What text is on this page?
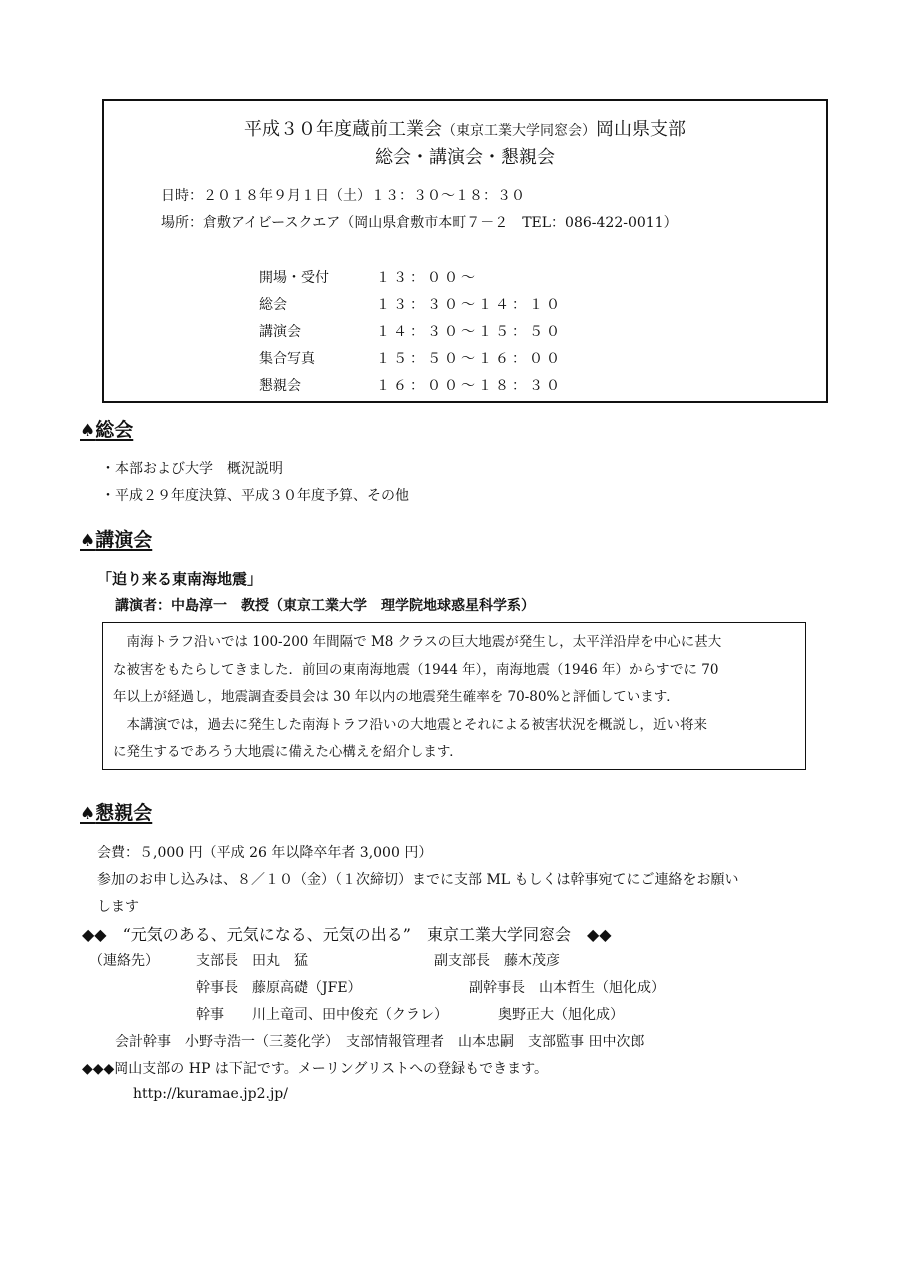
平成３０年度蔵前工業会（東京工業大学同窓会）岡山県支部
総会・講演会・懇親会
日時：２０１８年９月１日（土）１３：３０～１８：３０
場所：倉敷アイビースクエア（岡山県倉敷市本町７－２　TEL：086-422-0011）
開場・受付	１３：００～
総会	１３：３０～１４：１０
講演会	１４：３０～１５：５０
集合写真	１５：５０～１６：００
懇親会	１６：００～１８：３０
♠総会
・本部および大学　概況説明
・平成２９年度決算、平成３０年度予算、その他
♠講演会
「迫り来る東南海地震」
講演者：中島淳一　教授（東京工業大学　理学院地球惑星科学系）

　南海トラフ沿いでは 100-200 年間隔で M8 クラスの巨大地震が発生し，太平洋沿岸を中心に甚大

な被害をもたらしてきました．前回の東南海地震（1944 年），南海地震（1946 年）からすでに 70

年以上が経過し，地震調査委員会は 30 年以内の地震発生確率を 70-80%と評価しています．

　本講演では，過去に発生した南海トラフ沿いの大地震とそれによる被害状況を概説し，近い将来

に発生するであろう大地震に備えた心構えを紹介します．

♠懇親会
会費：５,000 円（平成 26 年以降卒年者 3,000 円）
参加のお申し込みは、８／１０（金）（１次締切）までに支部 ML もしくは幹事宛てにご連絡をお願い
します
◆◆　“元気のある、元気になる、元気の出る”　東京工業大学同窓会　◆◆
（連絡先）	支部長　田丸　猛	副支部長　藤木茂彦
幹事長　藤原高礎（JFE）	副幹事長　山本哲生（旭化成）
幹事　　川上竜司、田中俊充（クラレ）	奥野正大（旭化成）
会計幹事　小野寺浩一（三菱化学）　支部情報管理者　山本忠嗣　支部監事 田中次郎
◆◆◆岡山支部の HP は下記です。メーリングリストへの登録もできます。
http://kuramae.jp2.jp/
